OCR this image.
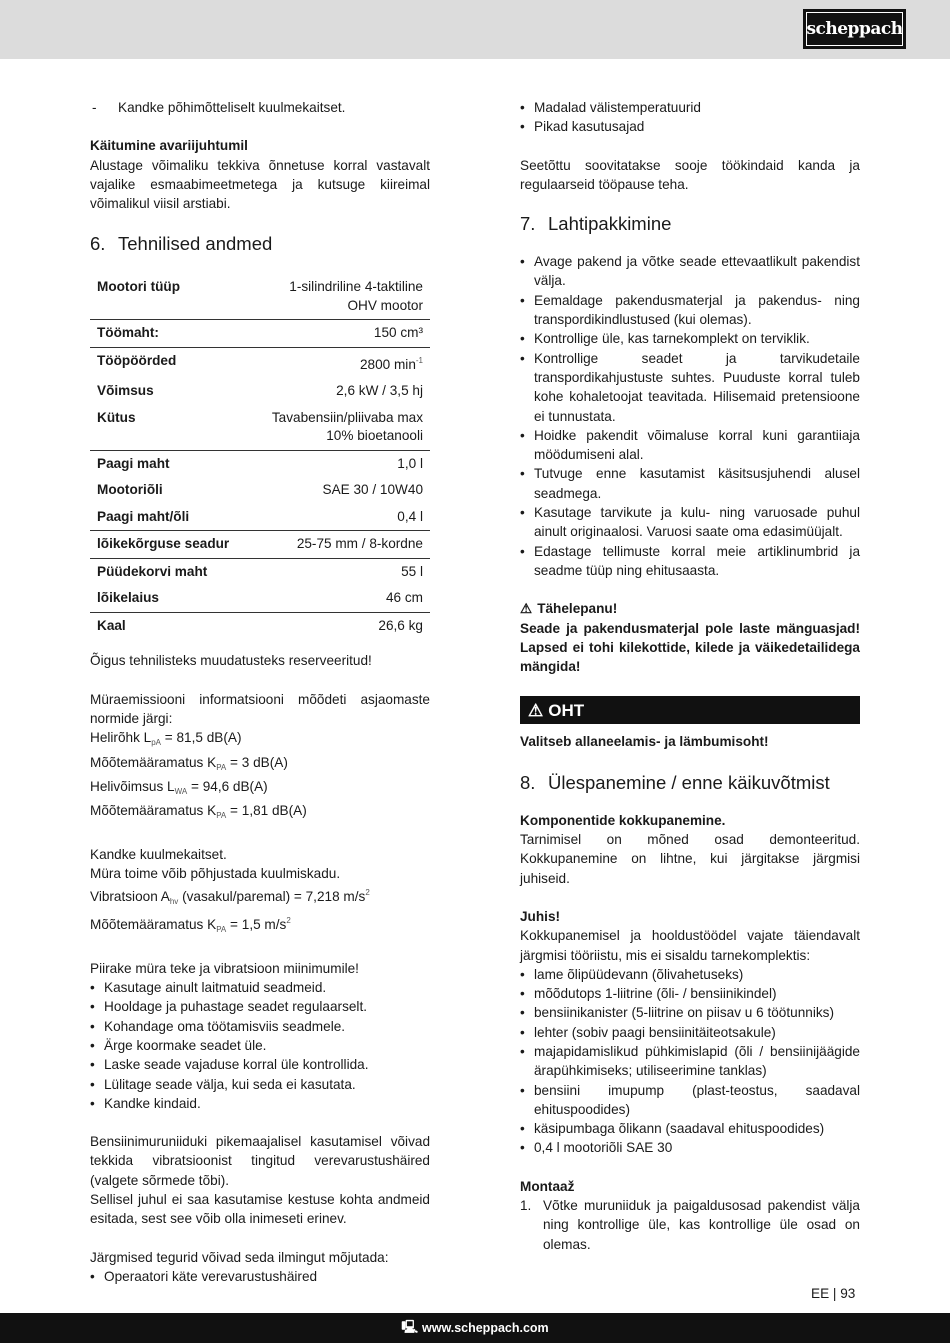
scheppach
- Kandke põhimõtteliselt kuulmekaitset.

Käitumine avariijuhtumil

Alustage võimaliku tekkiva õnnetuse korral vastavalt vajalike esmaabimeetmetega ja kutsuge kiireimal võimalikul viisil arstiabi.

6. Tehnilised andmed
Mootori tüüp	1-silindriline 4-taktiline OHV mootor
Töömaht:	150 cm³
Tööpöörded	2800 $\min^{-1}$
Võimsus	2,6 kW / 3,5 hj
Kütus	Tavabensiin/pliivaba max 10% bioetanooli
Paagi maht	1,0 l
Mootoriõli	SAE 30 / 10W40
Paagi maht/õli	0,4 l
lõikekõrguse seadur	25-75 mm / 8-kordne
Püüdekorvi maht	55 l
lõikelaius	46 cm
Kaal	26,6 kg

Õigus tehnilisteks muudatusteks reserveeritud!

Müraemissiooni informatsiooni mõõdeti asjaomaste normide järgi:

Helirõhk $L_{pA} = 81,5$ dB(A)

Mõõtemääramatus $K_{PA} = 3$ dB(A)

Helivõimsus $L_{WA} = 94,6$ dB(A)

Mõõtemääramatus $K_{PA} = 1,81$ dB(A)

Kandke kuulmekaitset.

Müra toime võib põhjustada kuulmiskadu.

Vibratsioon $A_{hv}$ (vasakul/paremal) = 7,218 $m/s^2$

Mõõtemääramatus $K_{PA} = 1,5$ $m/s^2$

Piirake müra teke ja vibratsioon miinimumile!

• Kasutage ainult laitmatuid seadmeid.
• Hooldage ja puhastage seadet regulaarselt.
• Kohandage oma töötamisviis seadmele.
• Ärge koormake seadet üle.
• Laske seade vajaduse korral üle kontrollida.
• Lülitage seade välja, kui seda ei kasutata.
• Kandke kindaid.

Bensiinimuruniiduki pikemaajalisel kasutamisel võivad tekkida vibratsioonist tingitud verevarustushäired (valgete sõrmede tõbi).

Sellisel juhul ei saa kasutamise kestuse kohta andmeid esitada, sest see võib olla inimeseti erinev.

Järgmised tegurid võivad seda ilmingut mõjutada:

• Operaatori käte verevarustushäired
• Madalad välistemperatuurid
• Pikad kasutusajad

Seetõttu soovitatakse sooje töökindaid kanda ja regulaarseid tööpause teha.

7. Lahtipakkimine
• Avage pakend ja võtke seade ettevaatlikult pakendist välja.
• Eemaldage pakendusmaterjal ja pakendus- ning transpordikindlustused (kui olemas).
• Kontrollige üle, kas tarnekomplekt on terviklik.
• Kontrollige seadet ja tarvikudetaile transpordikahjustuste suhtes. Puuduste korral tuleb kohe kohaletoojat teavitada. Hilisemaid pretensioone ei tunnustata.
• Hoidke pakendit võimaluse korral kuni garantiiaja möödumiseni alal.
• Tutvuge enne kasutamist käsitsusjuhendi alusel seadmega.
• Kasutage tarvikute ja kulu- ning varuosade puhul ainult originaalosi. Varuosi saate oma edasimüüjalt.
• Edastage tellimuste korral meie artiklinumbrid ja seadme tüüp ning ehitusaasta.

⚠ Tähelepanu!

Seade ja pakendusmaterjal pole laste mänguasjad! Lapsed ei tohi kilekottide, kilede ja väikedetailidega mängida!

⚠ OHT

Valitseb allaneelamis- ja lämbumisoht!

8. Ülespanemine / enne käikuvõtmist

Komponentide kokkupanemine.

Tarnimisel on mõned osad demonteeritud. Kokkupanemine on lihtne, kui järgitakse järgmisi juhiseid.

Juhis!

Kokkupanemisel ja hooldustöödel vajate täiendavalt järgmisi tööriistu, mis ei sisaldu tarnekomplektis:

• lame õlipüüdevann (õlivahetuseks)
• mõõdutops 1-liitrine (õli- / bensiinikindel)
• bensiinikanister (5-liitrine on piisav u 6 töötunniks)
• lehter (sobiv paagi bensiinitäiteotsakule)
• majapidamislikud pühkimislapid (õli / bensiinijäägide ärapühkimiseks; utiliseerimine tanklas)
• bensiini imupump (plast-teostus, saadaval ehituspoodides)
• käsipumbaga õlikann (saadaval ehituspoodides)
• 0,4 l mootoriõli SAE 30

Montaaž

1. Võtke muruniiduk ja paigaldusosad pakendist välja ning kontrollige üle, kas kontrollige üle osad on olemas.
EE | 93
🖳 www.scheppach.com
